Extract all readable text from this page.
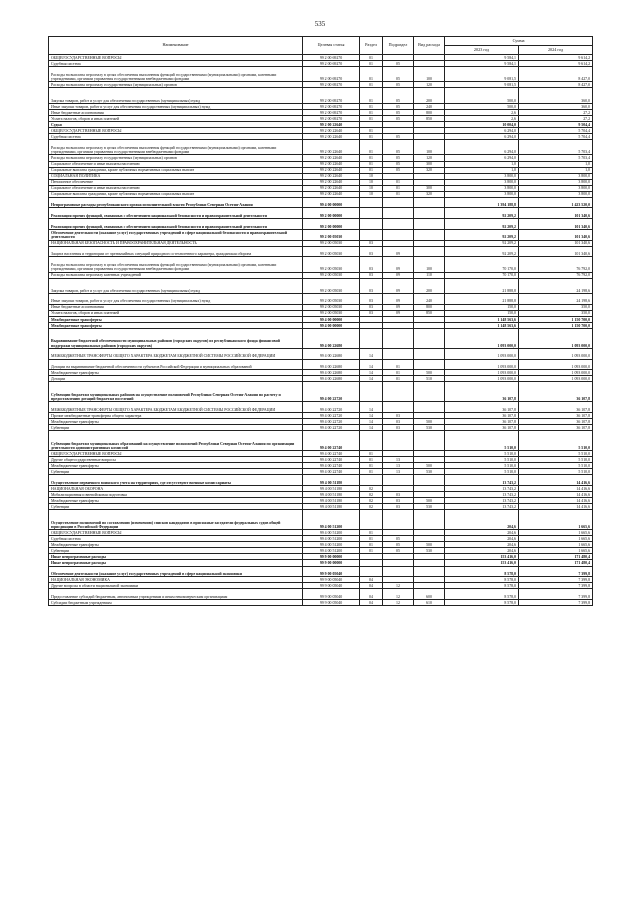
535
Наименование	Целевая статья	Раздел	Подраздел	Вид расхода	Сумма	
					2023 год	2024 год
ОБЩЕГОСУДАРСТВЕННЫЕ ВОПРОСЫ	99 2 00 69270	01			9 584,1	9 614,2
Судебная система	99 2 00 69270	01	05		9 584,1	9 614,2
Расходы на выплаты персоналу в целях обеспечения выполнения функций государственными (муниципальными) органами, казенными учреждениями, органами управления государственными внебюджетными фондами	99 2 00 69270	01	05	100	9 081,5	8 427,0
Расходы на выплаты персоналу государственных (муниципальных) органов	99 2 00 69270	01	05	120	9 081,5	8 427,0
Закупка товаров, работ и услуг для обеспечения государственных (муниципальных) нужд	99 2 00 69270	01	05	200	500,0	360,0
Иные закупки товаров, работ и услуг для обеспечения государственных (муниципальных) нужд	99 2 00 69270	01	05	240	500,0	360,0
Иные бюджетные ассигнования	99 2 00 69270	01	05	800	2,6	27,2
Уплата налогов, сборов и иных платежей	99 2 00 69270	01	05	850	2,6	27,2
Судьи	99 2 00 22640				10 004,0	9 504,4
ОБЩЕГОСУДАРСТВЕННЫЕ ВОПРОСЫ	99 2 00 22640	01			6 294,0	5 704,4
Судебная система	99 2 00 22640	01	05		6 294,0	5 704,4
Расходы на выплаты персоналу в целях обеспечения выполнения функций государственными (муниципальными) органами, казенными учреждениями, органами управления государственными внебюджетными фондами	99 2 00 22640	01	05	100	6 294,0	5 703,4
Расходы на выплаты персоналу государственных (муниципальных) органов	99 2 00 22640	01	05	120	6 294,0	5 703,4
Социальное обеспечение и иные выплаты населению	99 2 00 22640	01	05	300	1,0	1,0
Социальные выплаты гражданам, кроме публичных нормативных социальных выплат	99 2 00 22640	01	05	320	1,0	1,0
СОЦИАЛЬНАЯ ПОЛИТИКА	99 2 00 22640	10			3 800,0	3 800,0
Пенсионное обеспечение	99 2 00 22640	10	01		3 800,0	3 800,0
Социальное обеспечение и иные выплаты населению	99 2 00 22640	10	01	300	3 800,0	3 800,0
Социальные выплаты гражданам, кроме публичных нормативных социальных выплат	99 2 00 22640	10	01	320	3 800,0	3 800,0
Непрограммные расходы республиканского органа исполнительной власти Республики Северная Осетия-Алания	99 4 00 00000				1 394 188,8	1 423 520,0
Реализация прочих функций, связанных с обеспечением национальной безопасности и правоохранительной деятельности	99 2 00 00000				92 209,2	101 340,6
Реализация прочих функций, связанных с обеспечением национальной безопасности и правоохранительной деятельности	99 2 00 00000				92 209,2	101 340,6
Обеспечение деятельности (оказание услуг) государственных учреждений в сфере национальной безопасности и правоохранительной деятельности	99 2 00 05030				92 209,2	101 340,6
НАЦИОНАЛЬНАЯ БЕЗОПАСНОСТЬ И ПРАВООХРАНИТЕЛЬНАЯ ДЕЯТЕЛЬНОСТЬ	99 2 00 05030	03			92 209,2	101 340,6
Защита населения и территории от чрезвычайных ситуаций природного и техногенного характера, гражданская оборона	99 2 00 05030	03	09		92 209,2	101 340,6
Расходы на выплаты персоналу в целях обеспечения выполнения функций государственными (муниципальными) органами, казенными учреждениями, органами управления государственными внебюджетными фондами	99 2 00 05030	03	09	100	70 170,0	76 792,0
Расходы на выплаты персоналу казенных учреждений	99 2 00 05030	03	09	110	70 170,0	76 792,0
Закупка товаров, работ и услуг для обеспечения государственных (муниципальных) нужд	99 2 00 05030	03	09	200	21 888,8	24 198,6
Иные закупки товаров, работ и услуг для обеспечения государственных (муниципальных) нужд	99 2 00 05030	03	09	240	21 888,8	24 198,6
Иные бюджетные ассигнования	99 2 00 05030	03	09	800	150,0	350,0
Уплата налогов, сборов и иных платежей	99 2 00 05030	03	09	850	150,0	350,0
Межбюджетные трансферты	99 4 00 00000				1 148 563,6	1 150 700,0
Межбюджетные трансферты	99 4 00 00000				1 148 563,6	1 150 700,0
Выравнивание бюджетной обеспеченности муниципальных районов (городских округов) из республиканского фонда финансовой поддержки муниципальных районов (городских округов)	99 4 00 22680				1 093 000,0	1 093 000,0
МЕЖБЮДЖЕТНЫЕ ТРАНСФЕРТЫ ОБЩЕГО ХАРАКТЕРА БЮДЖЕТАМ БЮДЖЕТНОЙ СИСТЕМЫ РОССИЙСКОЙ ФЕДЕРАЦИИ	99 4 00 22680	14			1 093 000,0	1 093 000,0
Дотации на выравнивание бюджетной обеспеченности субъектов Российской Федерации и муниципальных образований	99 4 00 22680	14	01		1 093 000,0	1 093 000,0
Межбюджетные трансферты	99 4 00 22680	14	01	500	1 093 000,0	1 093 000,0
Дотации	99 4 00 22680	14	01	510	1 093 000,0	1 093 000,0
Субвенции бюджетам муниципальных районов на осуществление полномочий Республики Северная Осетия-Алания по расчету и предоставлению дотаций бюджетам поселений	99 4 00 22720				36 107,8	36 107,8
МЕЖБЮДЖЕТНЫЕ ТРАНСФЕРТЫ ОБЩЕГО ХАРАКТЕРА БЮДЖЕТАМ БЮДЖЕТНОЙ СИСТЕМЫ РОССИЙСКОЙ ФЕДЕРАЦИИ	99 4 00 22720	14			36 107,8	36 107,8
Прочие межбюджетные трансферты общего характера	99 4 00 22720	14	03		36 107,8	36 107,8
Межбюджетные трансферты	99 4 00 22720	14	03	500	36 107,8	36 107,8
Субвенции	99 4 00 22720	14	03	530	36 107,8	36 107,8
Субвенции бюджетам муниципальных образований на осуществление полномочий Республики Северная Осетия-Алания по организации деятельности административных комиссий	99 4 00 22740				5 510,0	5 510,0
ОБЩЕГОСУДАРСТВЕННЫЕ ВОПРОСЫ	99 4 00 22740	01			5 510,0	5 510,0
Другие общегосударственные вопросы	99 4 00 22740	01	13		5 510,0	5 510,0
Межбюджетные трансферты	99 4 00 22740	01	13	500	5 510,0	5 510,0
Субвенции	99 4 00 22740	01	13	530	5 510,0	5 510,0
Осуществление первичного воинского учета на территориях, где отсутствуют военные комиссариаты	99 4 00 51180				13 743,2	14 416,6
НАЦИОНАЛЬНАЯ ОБОРОНА	99 4 00 51180	02			13 743,2	14 416,6
Мобилизационная и вневойсковая подготовка	99 4 00 51180	02	03		13 743,2	14 416,6
Межбюджетные трансферты	99 4 00 51180	02	03	500	13 743,2	14 416,6
Субвенции	99 4 00 51180	02	03	530	13 743,2	14 416,6
Осуществление полномочий по составлению (изменению) списков кандидатов в присяжные заседатели федеральных судов общей юрисдикции в Российской Федерации	99 4 00 51200				204,6	1 665,6
ОБЩЕГОСУДАРСТВЕННЫЕ ВОПРОСЫ	99 4 00 51200	01			204,6	1 665,6
Судебная система	99 4 00 51200	01	05		204,6	1 665,6
Межбюджетные трансферты	99 4 00 51200	01	05	500	204,6	1 665,6
Субвенции	99 4 00 51200	01	05	530	204,6	1 665,6
Иные непрограммные расходы	99 9 00 00000				153 416,0	171 480,4
Иные непрограммные расходы	99 9 00 00000				153 416,0	171 480,4
Обеспечение деятельности (оказание услуг) государственных учреждений в сфере национальной экономики	99 9 00 05040				8 578,0	7 399,8
НАЦИОНАЛЬНАЯ ЭКОНОМИКА	99 9 00 05040	04			8 578,0	7 399,8
Другие вопросы в области национальной экономики	99 9 00 05040	04	12		8 578,0	7 399,8
Предоставление субсидий бюджетным, автономным учреждениям и иным некоммерческим организациям	99 9 00 05040	04	12	600	8 578,0	7 399,8
Субсидии бюджетным учреждениям	99 9 00 05040	04	12	610	8 578,0	7 399,8
